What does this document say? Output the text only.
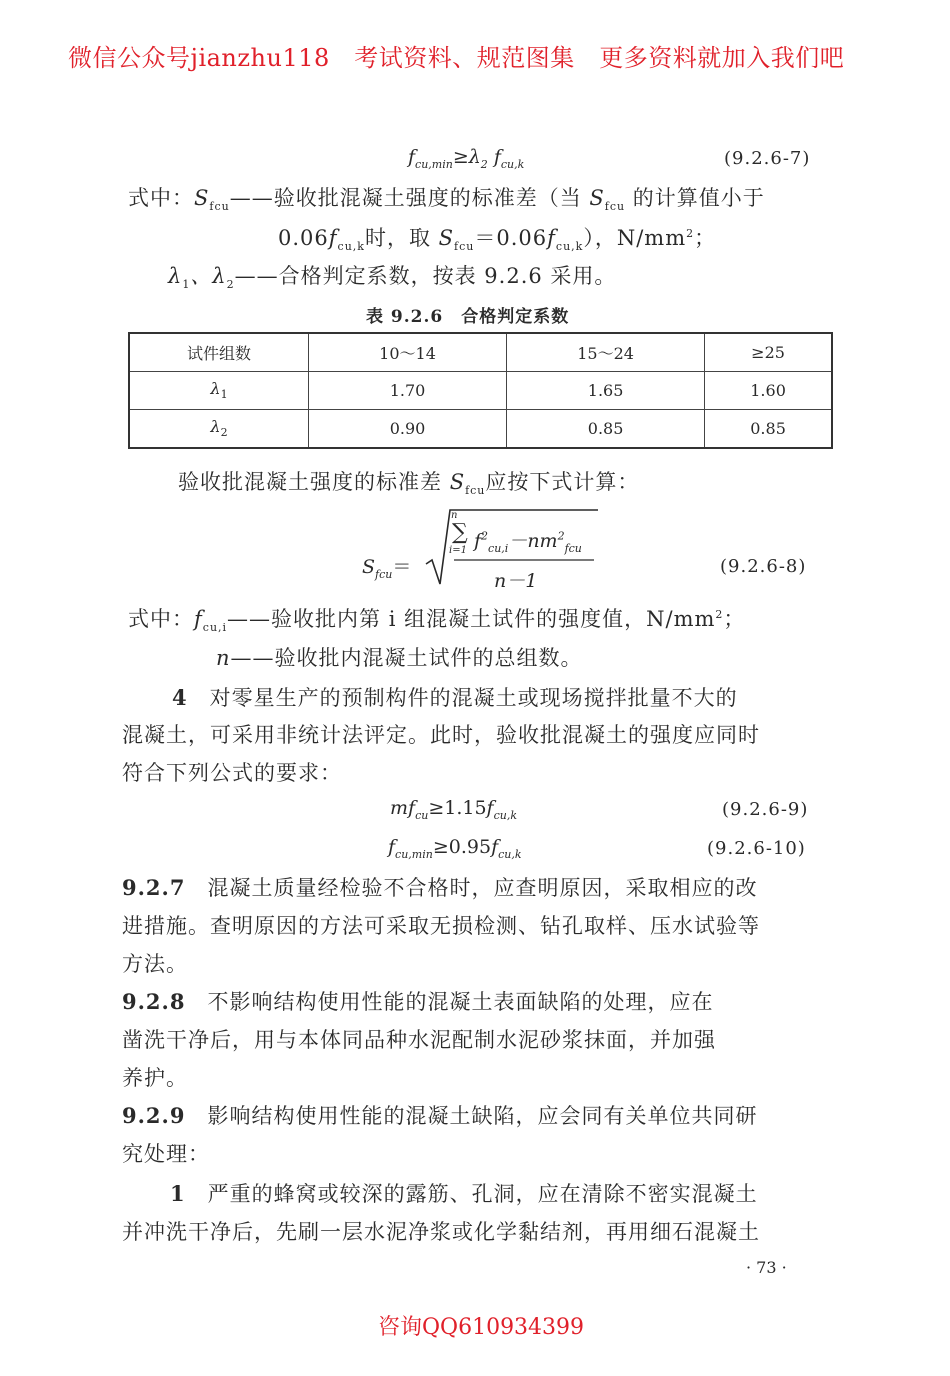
微信公众号jianzhu118　考试资料、规范图集　更多资料就加入我们吧
咨询QQ610934399
$f_{cu,min}\ge\lambda_2$ $f_{cu,k}$	(9.2.6-7)
式中：$S_{fcu}——$验收批混凝土强度的标准差（当 $S_{fcu}$ 的计算值小于
$0.06f_{cu,k}$时，取 $S_{fcu}=0.06f_{cu,k}$），$N/mm^2$；
$\lambda_1$、$\lambda_2——$合格判定系数，按表 9.2.6 采用。
表 9.2.6　合格判定系数
试件组数	10～14	15～24	≥25
$\lambda_1$	1.70	1.65	1.60
$\lambda_2$	0.90	0.85	0.85
验收批混凝土强度的标准差 $S_{fcu}$应按下式计算：
$S_{fcu}=$
n
∑
i=1 $f^2_{cu,i}-nm^2_{fcu}$
n－1
(9.2.6-8)
式中：$f_{cu,i}——$验收批内第 i 组混凝土试件的强度值，$N/mm^2$；
n——验收批内混凝土试件的总组数。
4　 对零星生产的预制构件的混凝土或现场搅拌批量不大的
混凝土，可采用非统计法评定。此时，验收批混凝土的强度应同时
符合下列公式的要求：
$mf_{cu}\ge 1.15f_{cu,k}$	(9.2.6-9)
$f_{cu,min}\ge 0.95f_{cu,k}$	(9.2.6-10)
9.2.7　 混凝土质量经检验不合格时，应查明原因，采取相应的改
进措施。查明原因的方法可采取无损检测、钻孔取样、压水试验等
方法。
9.2.8　 不影响结构使用性能的混凝土表面缺陷的处理，应在
凿洗干净后，用与本体同品种水泥配制水泥砂浆抹面，并加强
养护。
9.2.9　 影响结构使用性能的混凝土缺陷，应会同有关单位共同研
究处理：
1　 严重的蜂窝或较深的露筋、孔洞，应在清除不密实混凝土
并冲洗干净后，先刷一层水泥净浆或化学黏结剂，再用细石混凝土
· 73 ·
